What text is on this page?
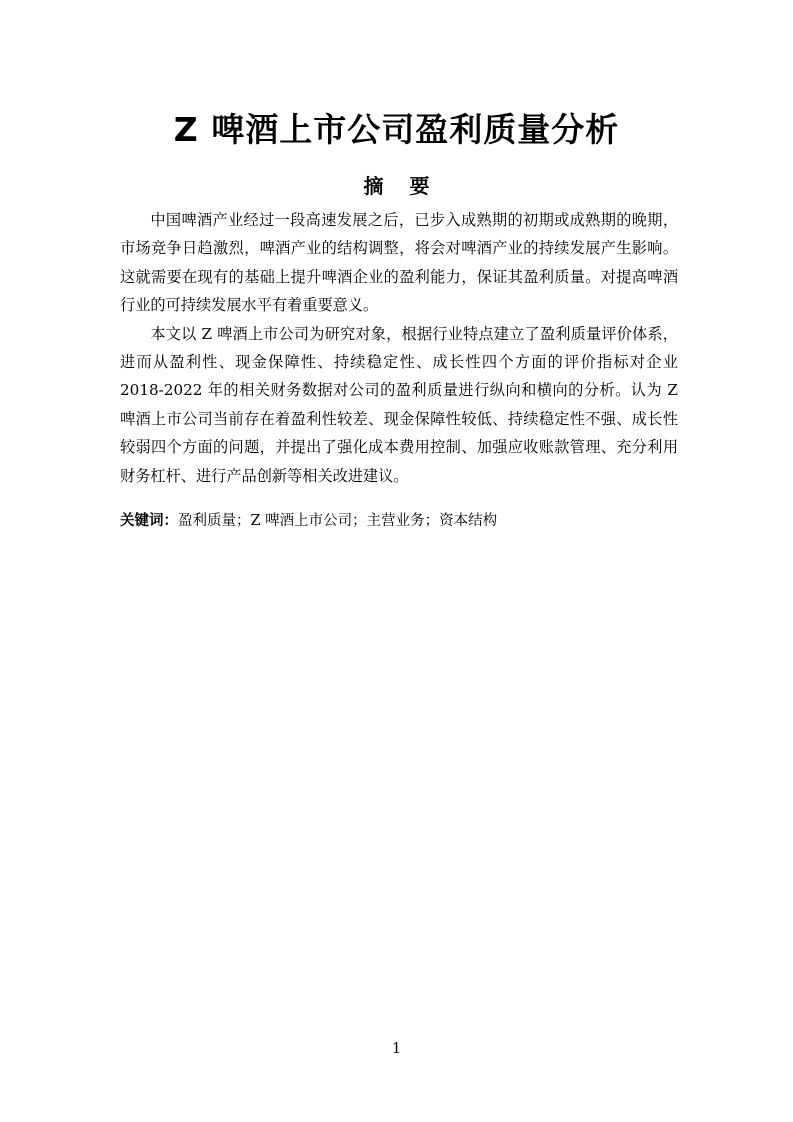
Z 啤酒上市公司盈利质量分析
摘要

中国啤酒产业经过一段高速发展之后，已步入成熟期的初期或成熟期的晚期，市场竞争日趋激烈，啤酒产业的结构调整，将会对啤酒产业的持续发展产生影响。这就需要在现有的基础上提升啤酒企业的盈利能力，保证其盈利质量。对提高啤酒行业的可持续发展水平有着重要意义。

本文以 Z 啤酒上市公司为研究对象，根据行业特点建立了盈利质量评价体系，进而从盈利性、现金保障性、持续稳定性、成长性四个方面的评价指标对企业 2018-2022 年的相关财务数据对公司的盈利质量进行纵向和横向的分析。认为 Z 啤酒上市公司当前存在着盈利性较差、现金保障性较低、持续稳定性不强、成长性较弱四个方面的问题，并提出了强化成本费用控制、加强应收账款管理、充分利用财务杠杆、进行产品创新等相关改进建议。

关键词：盈利质量；Z 啤酒上市公司；主营业务；资本结构
1
